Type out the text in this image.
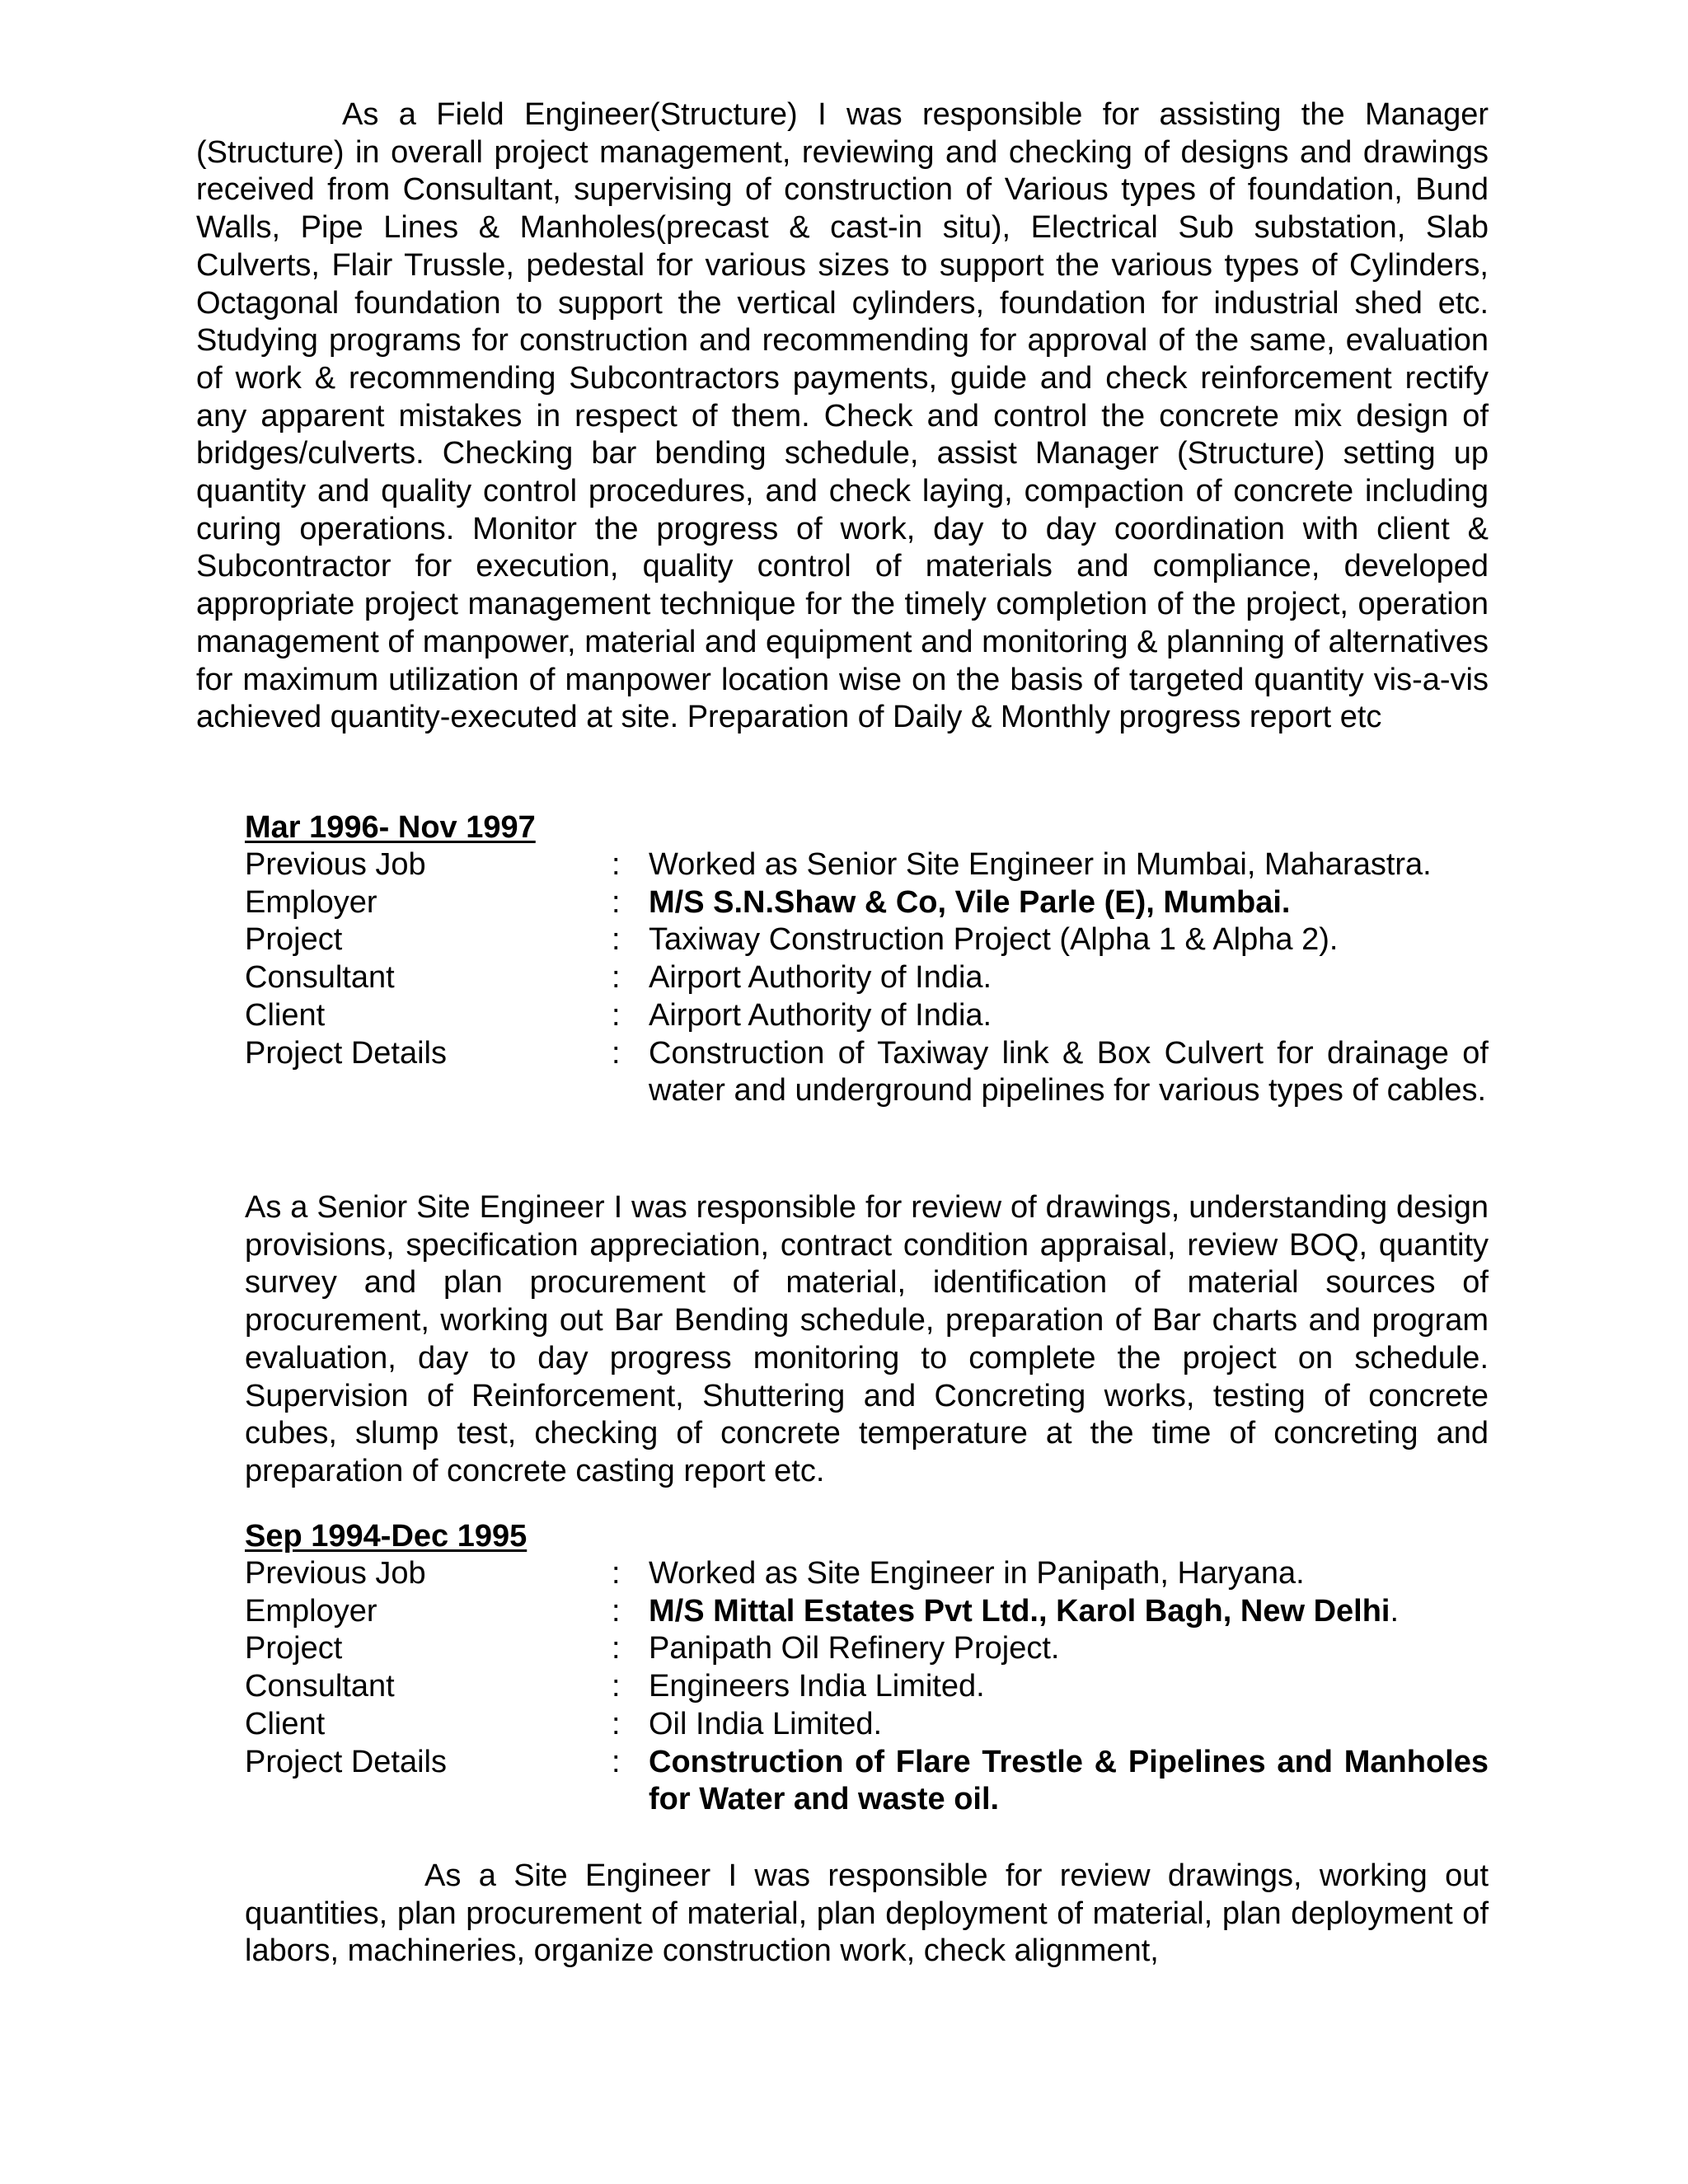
As a Field Engineer(Structure) I was responsible for assisting the Manager (Structure) in overall project management, reviewing and checking of designs and drawings received from Consultant, supervising of construction of Various types of foundation, Bund Walls, Pipe Lines & Manholes(precast & cast-in situ), Electrical Sub substation, Slab Culverts, Flair Trussle, pedestal for various sizes to support the various types of Cylinders, Octagonal foundation to support the vertical cylinders, foundation for industrial shed etc. Studying programs for construction and recommending for approval of the same, evaluation of work & recommending Subcontractors payments, guide and check reinforcement rectify any apparent mistakes in respect of them. Check and control the concrete mix design of bridges/culverts. Checking bar bending schedule, assist Manager (Structure) setting up quantity and quality control procedures, and check laying, compaction of concrete including curing operations. Monitor the progress of work, day to day coordination with client & Subcontractor for execution, quality control of materials and compliance, developed appropriate project management technique for the timely completion of the project, operation management of manpower, material and equipment and monitoring & planning of alternatives for maximum utilization of manpower location wise on the basis of targeted quantity vis-a-vis achieved quantity-executed at site. Preparation of Daily & Monthly progress report etc

Mar 1996- Nov 1997

Previous Job	: Worked as Senior Site Engineer in Mumbai, Maharastra.
Employer	: M/S S.N.Shaw & Co, Vile Parle (E), Mumbai.
Project	: Taxiway Construction Project (Alpha 1 & Alpha 2).
Consultant	: Airport Authority of India.
Client	: Airport Authority of India.
Project Details	: Construction of Taxiway link & Box Culvert for drainage of water and underground pipelines for various types of cables.

As a Senior Site Engineer I was responsible for review of drawings, understanding design provisions, specification appreciation, contract condition appraisal, review BOQ, quantity survey and plan procurement of material, identification of material sources of procurement, working out Bar Bending schedule, preparation of Bar charts and program evaluation, day to day progress monitoring to complete the project on schedule. Supervision of Reinforcement, Shuttering and Concreting works, testing of concrete cubes, slump test, checking of concrete temperature at the time of concreting and preparation of concrete casting report etc.

Sep 1994-Dec 1995

Previous Job	: Worked as Site Engineer in Panipath, Haryana.
Employer	: M/S Mittal Estates Pvt Ltd., Karol Bagh, New Delhi.
Project	: Panipath Oil Refinery Project.
Consultant	: Engineers India Limited.
Client	: Oil India Limited.
Project Details	: Construction of Flare Trestle & Pipelines and Manholes for Water and waste oil.

As a Site Engineer I was responsible for review drawings, working out quantities, plan procurement of material, plan deployment of material, plan deployment of labors, machineries, organize construction work, check alignment,
